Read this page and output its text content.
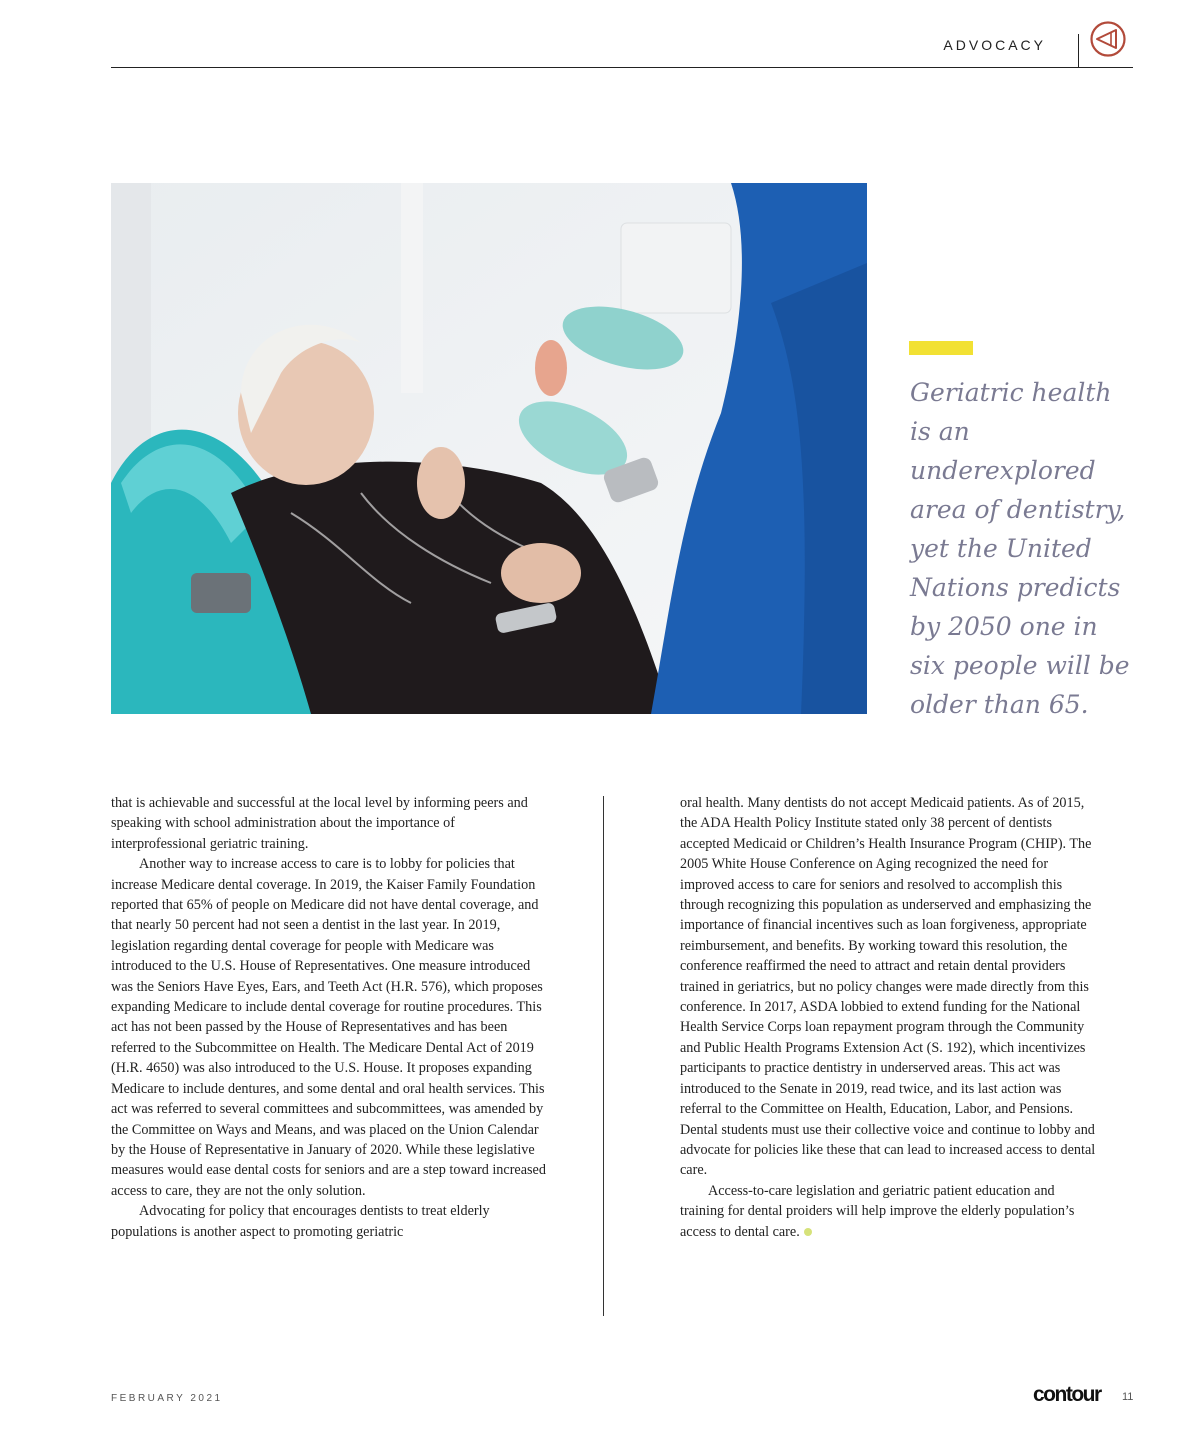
ADVOCACY
Geriatric health is an underexplored area of dentistry, yet the United Nations predicts by 2050 one in six people will be older than 65.

that is achievable and successful at the local level by informing peers and speaking with school administration about the importance of interprofessional geriatric training.

Another way to increase access to care is to lobby for policies that increase Medicare dental coverage. In 2019, the Kaiser Family Foundation reported that 65% of people on Medicare did not have dental coverage, and that nearly 50 percent had not seen a dentist in the last year. In 2019, legislation regarding dental coverage for people with Medicare was introduced to the U.S. House of Representatives. One measure introduced was the Seniors Have Eyes, Ears, and Teeth Act (H.R. 576), which proposes expanding Medicare to include dental coverage for routine procedures. This act has not been passed by the House of Representatives and has been referred to the Subcommittee on Health. The Medicare Dental Act of 2019 (H.R. 4650) was also introduced to the U.S. House. It proposes expanding Medicare to include dentures, and some dental and oral health services. This act was referred to several committees and subcommittees, was amended by the Committee on Ways and Means, and was placed on the Union Calendar by the House of Representative in January of 2020. While these legislative measures would ease dental costs for seniors and are a step toward increased access to care, they are not the only solution.

Advocating for policy that encourages dentists to treat elderly populations is another aspect to promoting geriatric

oral health. Many dentists do not accept Medicaid patients. As of 2015, the ADA Health Policy Institute stated only 38 percent of dentists accepted Medicaid or Children’s Health Insurance Program (CHIP). The 2005 White House Conference on Aging recognized the need for improved access to care for seniors and resolved to accomplish this through recognizing this population as underserved and emphasizing the importance of financial incentives such as loan forgiveness, appropriate reimbursement, and benefits. By working toward this resolution, the conference reaffirmed the need to attract and retain dental providers trained in geriatrics, but no policy changes were made directly from this conference. In 2017, ASDA lobbied to extend funding for the National Health Service Corps loan repayment program through the Community and Public Health Programs Extension Act (S. 192), which incentivizes participants to practice dentistry in underserved areas. This act was introduced to the Senate in 2019, read twice, and its last action was referral to the Committee on Health, Education, Labor, and Pensions. Dental students must use their collective voice and continue to lobby and advocate for policies like these that can lead to increased access to dental care.

Access-to-care legislation and geriatric patient education and training for dental proiders will help improve the elderly population’s access to dental care.

FEBRUARY 2021	contour 11
